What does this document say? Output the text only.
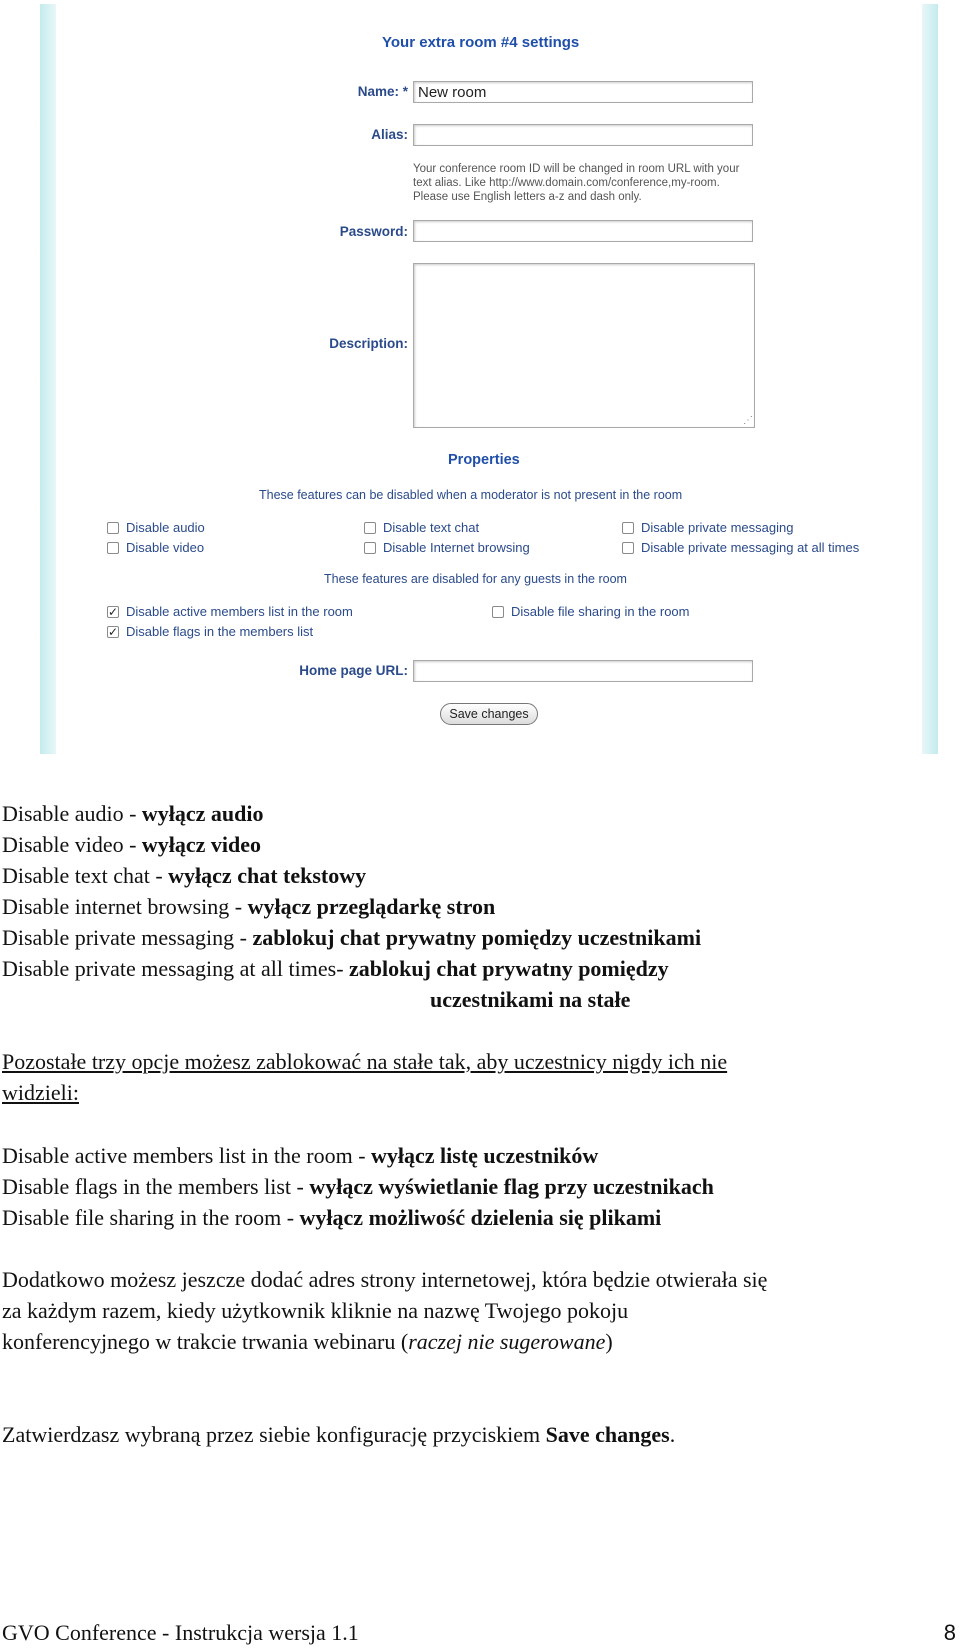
Your extra room #4 settings
Name: * New room
Alias:
Your conference room ID will be changed in room URL with your text alias. Like http://www.domain.com/conference,my-room. Please use English letters a-z and dash only.
Password:
Description:
⋰
Properties
These features can be disabled when a moderator is not present in the room
Disable audio	Disable text chat	Disable private messaging
Disable video	Disable Internet browsing	Disable private messaging at all times
These features are disabled for any guests in the room
✓ Disable active members list in the room	Disable file sharing in the room
✓ Disable flags in the members list
Home page URL:
Save changes
Disable audio - wyłącz audio
Disable video - wyłącz video
Disable text chat - wyłącz chat tekstowy
Disable internet browsing - wyłącz przeglądarkę stron
Disable private messaging - zablokuj chat prywatny pomiędzy uczestnikami
Disable private messaging at all times- zablokuj chat prywatny pomiędzy
uczestnikami na stałe
Pozostałe trzy opcje możesz zablokować na stałe tak, aby uczestnicy nigdy ich nie
widzieli:
Disable active members list in the room - wyłącz listę uczestników
Disable flags in the members list - wyłącz wyświetlanie flag przy uczestnikach
Disable file sharing in the room - wyłącz możliwość dzielenia się plikami
Dodatkowo możesz jeszcze dodać adres strony internetowej, która będzie otwierała się
za każdym razem, kiedy użytkownik kliknie na nazwę Twojego pokoju
konferencyjnego w trakcie trwania webinaru (raczej nie sugerowane)
Zatwierdzasz wybraną przez siebie konfigurację przyciskiem Save changes.
GVO Conference - Instrukcja wersja 1.1	8
